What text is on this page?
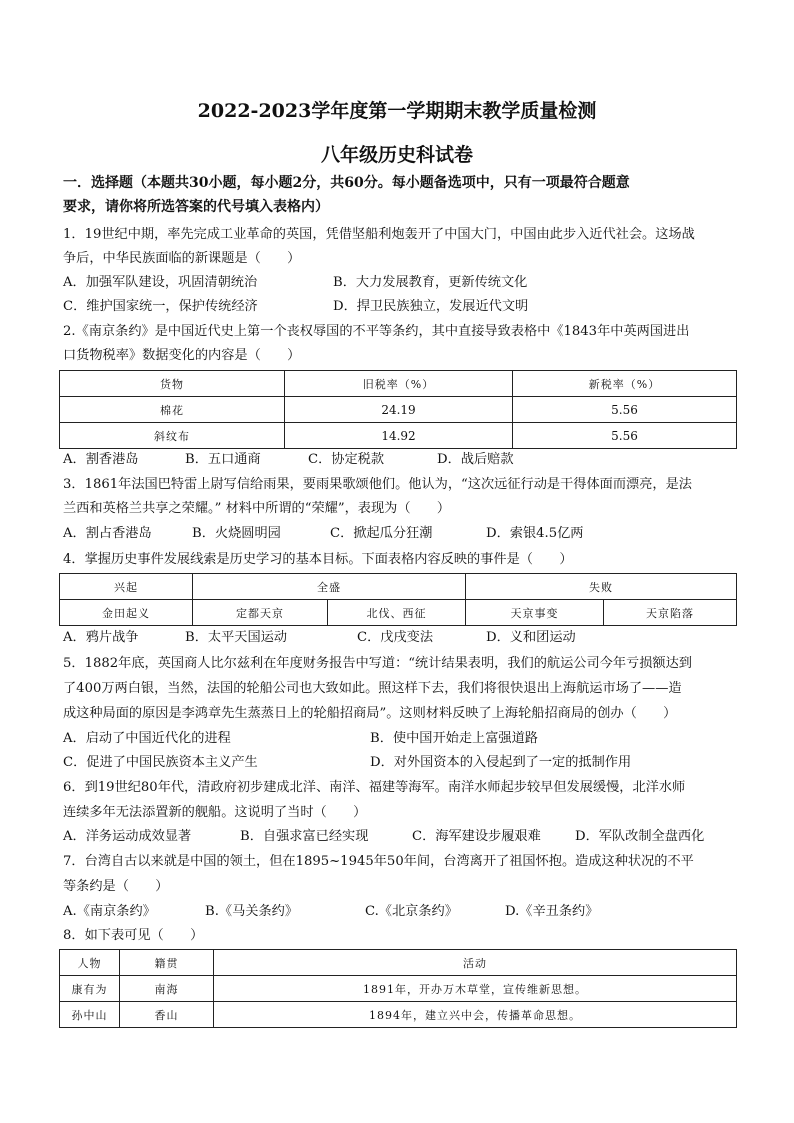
2022-2023学年度第一学期期末教学质量检测
八年级历史科试卷
一．选择题（本题共30小题，每小题2分，共60分。每小题备选项中，只有一项最符合题意
要求，请你将所选答案的代号填入表格内）
1．19世纪中期，率先完成工业革命的英国，凭借坚船利炮轰开了中国大门，中国由此步入近代社会。这场战
争后，中华民族面临的新课题是（　　）
A．加强军队建设，巩固清朝统治	B．大力发展教育，更新传统文化
C．维护国家统一，保护传统经济	D．捍卫民族独立，发展近代文明
2.《南京条约》是中国近代史上第一个丧权辱国的不平等条约，其中直接导致表格中《1843年中英两国进出
口货物税率》数据变化的内容是（　　）
货物	旧税率（%）	新税率（%）
棉花	24.19	5.56
斜纹布	14.92	5.56
A．割香港岛	B．五口通商	C．协定税款	D．战后赔款
3．1861年法国巴特雷上尉写信给雨果，要雨果歌颂他们。他认为，“这次远征行动是干得体面而漂亮，是法
兰西和英格兰共享之荣耀。” 材料中所谓的“荣耀”，表现为（　　）
A．割占香港岛	B．火烧圆明园	C．掀起瓜分狂潮	D．索银4.5亿两
4．掌握历史事件发展线索是历史学习的基本目标。下面表格内容反映的事件是（　　）
兴起	全盛		失败	
金田起义	定都天京	北伐、西征	天京事变	天京陷落
A．鸦片战争	B．太平天国运动	C．戊戌变法	D．义和团运动
5．1882年底，英国商人比尔兹利在年度财务报告中写道：“统计结果表明，我们的航运公司今年亏损额达到
了400万两白银，当然，法国的轮船公司也大致如此。照这样下去，我们将很快退出上海航运市场了——造
成这种局面的原因是李鸿章先生蒸蒸日上的轮船招商局”。这则材料反映了上海轮船招商局的创办（　　）
A．启动了中国近代化的进程	B．使中国开始走上富强道路
C．促进了中国民族资本主义产生	D．对外国资本的入侵起到了一定的抵制作用
6．到19世纪80年代，清政府初步建成北洋、南洋、福建等海军。南洋水师起步较早但发展缓慢，北洋水师
连续多年无法添置新的舰船。这说明了当时（　　）
A．洋务运动成效显著	B．自强求富已经实现	C．海军建设步履艰难	D．军队改制全盘西化
7．台湾自古以来就是中国的领土，但在1895~1945年50年间，台湾离开了祖国怀抱。造成这种状况的不平
等条约是（　　）
A.《南京条约》	B.《马关条约》	C.《北京条约》	D.《辛丑条约》
8．如下表可见（　　）
人物	籍贯	活动
康有为	南海	1891年，开办万木草堂，宣传维新思想。
孙中山	香山	1894年，建立兴中会，传播革命思想。
